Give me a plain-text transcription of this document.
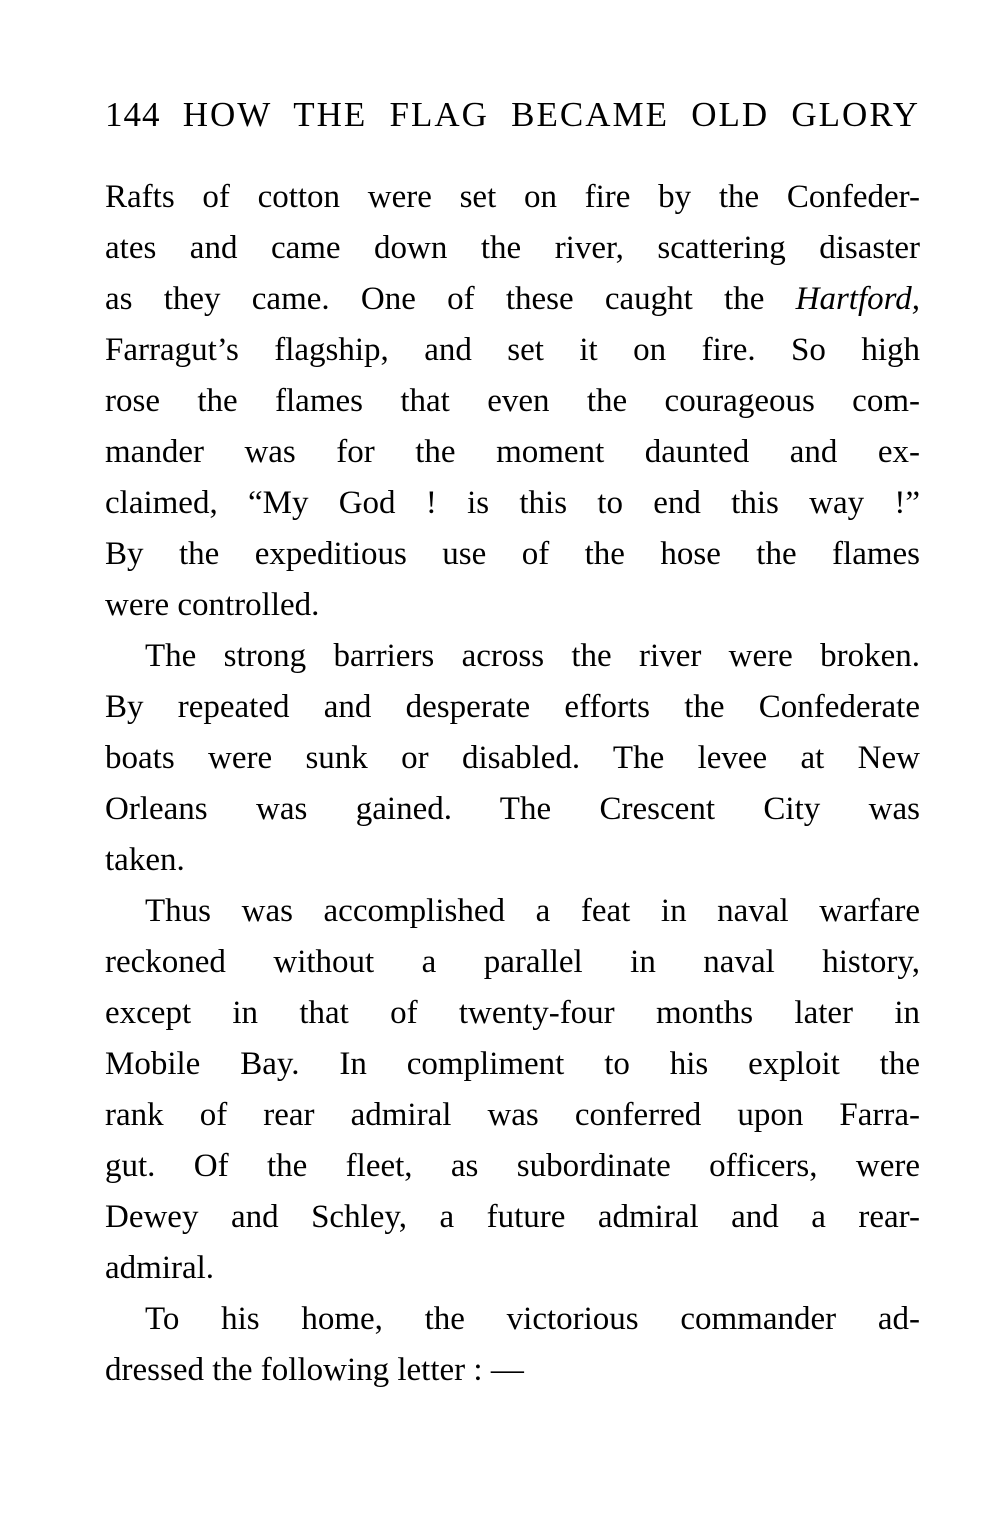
144 HOW THE FLAG BECAME OLD GLORY
Rafts of cotton were set on fire by the Confeder-
ates and came down the river, scattering disaster
as they came. One of these caught the Hartford,
Farragut’s flagship, and set it on fire. So high
rose the flames that even the courageous com-
mander was for the moment daunted and ex-
claimed, “My God ! is this to end this way !”
By the expeditious use of the hose the flames
were controlled.
The strong barriers across the river were broken.
By repeated and desperate efforts the Confederate
boats were sunk or disabled. The levee at New
Orleans was gained. The Crescent City was
taken.
Thus was accomplished a feat in naval warfare
reckoned without a parallel in naval history,
except in that of twenty-four months later in
Mobile Bay. In compliment to his exploit the
rank of rear admiral was conferred upon Farra-
gut. Of the fleet, as subordinate officers, were
Dewey and Schley, a future admiral and a rear-
admiral.
To his home, the victorious commander ad-
dressed the following letter : —
